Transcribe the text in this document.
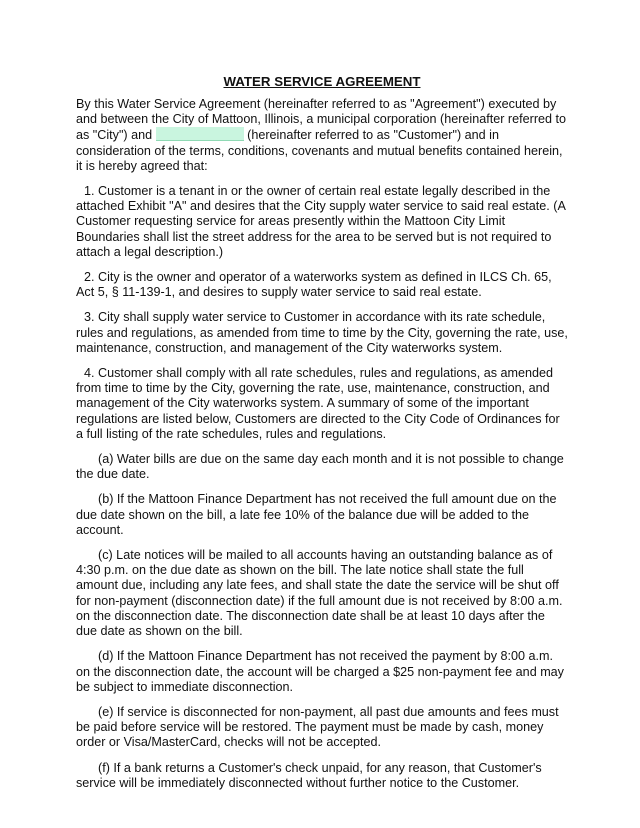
WATER SERVICE AGREEMENT

By this Water Service Agreement (hereinafter referred to as "Agreement") executed by and between the City of Mattoon, Illinois, a municipal corporation (hereinafter referred to as "City") and	(hereinafter referred to as "Customer") and in consideration of the terms, conditions, covenants and mutual benefits contained herein, it is hereby agreed that:

1. Customer is a tenant in or the owner of certain real estate legally described in the attached Exhibit "A" and desires that the City supply water service to said real estate. (A Customer requesting service for areas presently within the Mattoon City Limit Boundaries shall list the street address for the area to be served but is not required to attach a legal description.)

2. City is the owner and operator of a waterworks system as defined in ILCS Ch. 65, Act 5, § 11-139-1, and desires to supply water service to said real estate.

3. City shall supply water service to Customer in accordance with its rate schedule, rules and regulations, as amended from time to time by the City, governing the rate, use, maintenance, construction, and management of the City waterworks system.

4. Customer shall comply with all rate schedules, rules and regulations, as amended from time to time by the City, governing the rate, use, maintenance, construction, and management of the City waterworks system. A summary of some of the important regulations are listed below, Customers are directed to the City Code of Ordinances for a full listing of the rate schedules, rules and regulations.

(a) Water bills are due on the same day each month and it is not possible to change the due date.

(b) If the Mattoon Finance Department has not received the full amount due on the due date shown on the bill, a late fee 10% of the balance due will be added to the account.

(c) Late notices will be mailed to all accounts having an outstanding balance as of 4:30 p.m. on the due date as shown on the bill. The late notice shall state the full amount due, including any late fees, and shall state the date the service will be shut off for non-payment (disconnection date) if the full amount due is not received by 8:00 a.m. on the disconnection date. The disconnection date shall be at least 10 days after the due date as shown on the bill.

(d) If the Mattoon Finance Department has not received the payment by 8:00 a.m. on the disconnection date, the account will be charged a $25 non-payment fee and may be subject to immediate disconnection.

(e) If service is disconnected for non-payment, all past due amounts and fees must be paid before service will be restored. The payment must be made by cash, money order or Visa/MasterCard, checks will not be accepted.

(f) If a bank returns a Customer's check unpaid, for any reason, that Customer's service will be immediately disconnected without further notice to the Customer.
